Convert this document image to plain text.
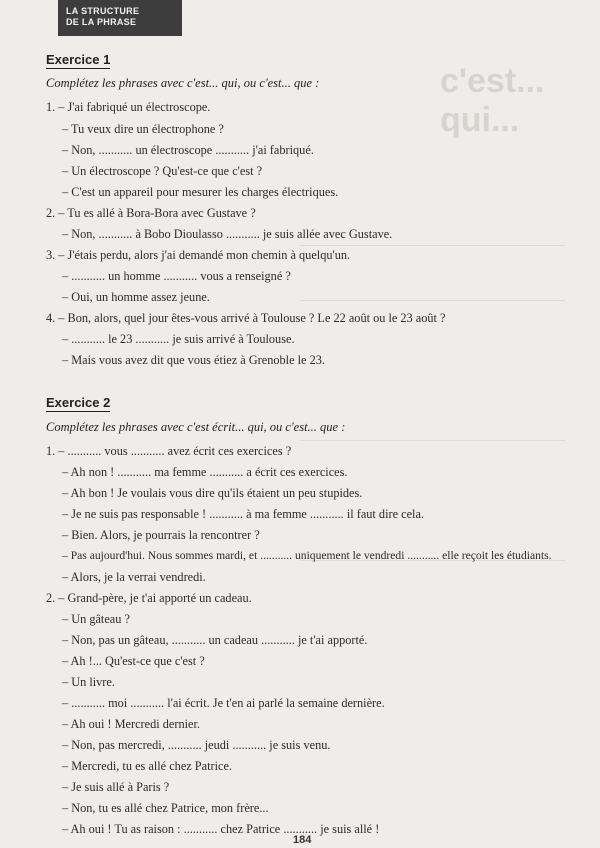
LA STRUCTURE
DE LA PHRASE
c'est... qui...
Exercice 1
Complétez les phrases avec c'est... qui, ou c'est... que :
1. – J'ai fabriqué un électroscope.
– Tu veux dire un électrophone ?
– Non, ........... un électroscope ........... j'ai fabriqué.
– Un électroscope ? Qu'est-ce que c'est ?
– C'est un appareil pour mesurer les charges électriques.
2. – Tu es allé à Bora-Bora avec Gustave ?
– Non, ........... à Bobo Dioulasso ........... je suis allée avec Gustave.
3. – J'étais perdu, alors j'ai demandé mon chemin à quelqu'un.
– ........... un homme ........... vous a renseigné ?
– Oui, un homme assez jeune.
4. – Bon, alors, quel jour êtes-vous arrivé à Toulouse ? Le 22 août ou le 23 août ?
– ........... le 23 ........... je suis arrivé à Toulouse.
– Mais vous avez dit que vous étiez à Grenoble le 23.
Exercice 2
Complétez les phrases avec c'est écrit... qui, ou c'est... que :
1. – ........... vous ........... avez écrit ces exercices ?
– Ah non ! ........... ma femme ........... a écrit ces exercices.
– Ah bon ! Je voulais vous dire qu'ils étaient un peu stupides.
– Je ne suis pas responsable ! ........... à ma femme ........... il faut dire cela.
– Bien. Alors, je pourrais la rencontrer ?
– Pas aujourd'hui. Nous sommes mardi, et ........... uniquement le vendredi ........... elle reçoit les étudiants.
– Alors, je la verrai vendredi.
2. – Grand-père, je t'ai apporté un cadeau.
– Un gâteau ?
– Non, pas un gâteau, ........... un cadeau ........... je t'ai apporté.
– Ah !... Qu'est-ce que c'est ?
– Un livre.
– ........... moi ........... l'ai écrit. Je t'en ai parlé la semaine dernière.
– Ah oui ! Mercredi dernier.
– Non, pas mercredi, ........... jeudi ........... je suis venu.
– Mercredi, tu es allé chez Patrice.
– Je suis allé à Paris ?
– Non, tu es allé chez Patrice, mon frère...
– Ah oui ! Tu as raison : ........... chez Patrice ........... je suis allé !
184
